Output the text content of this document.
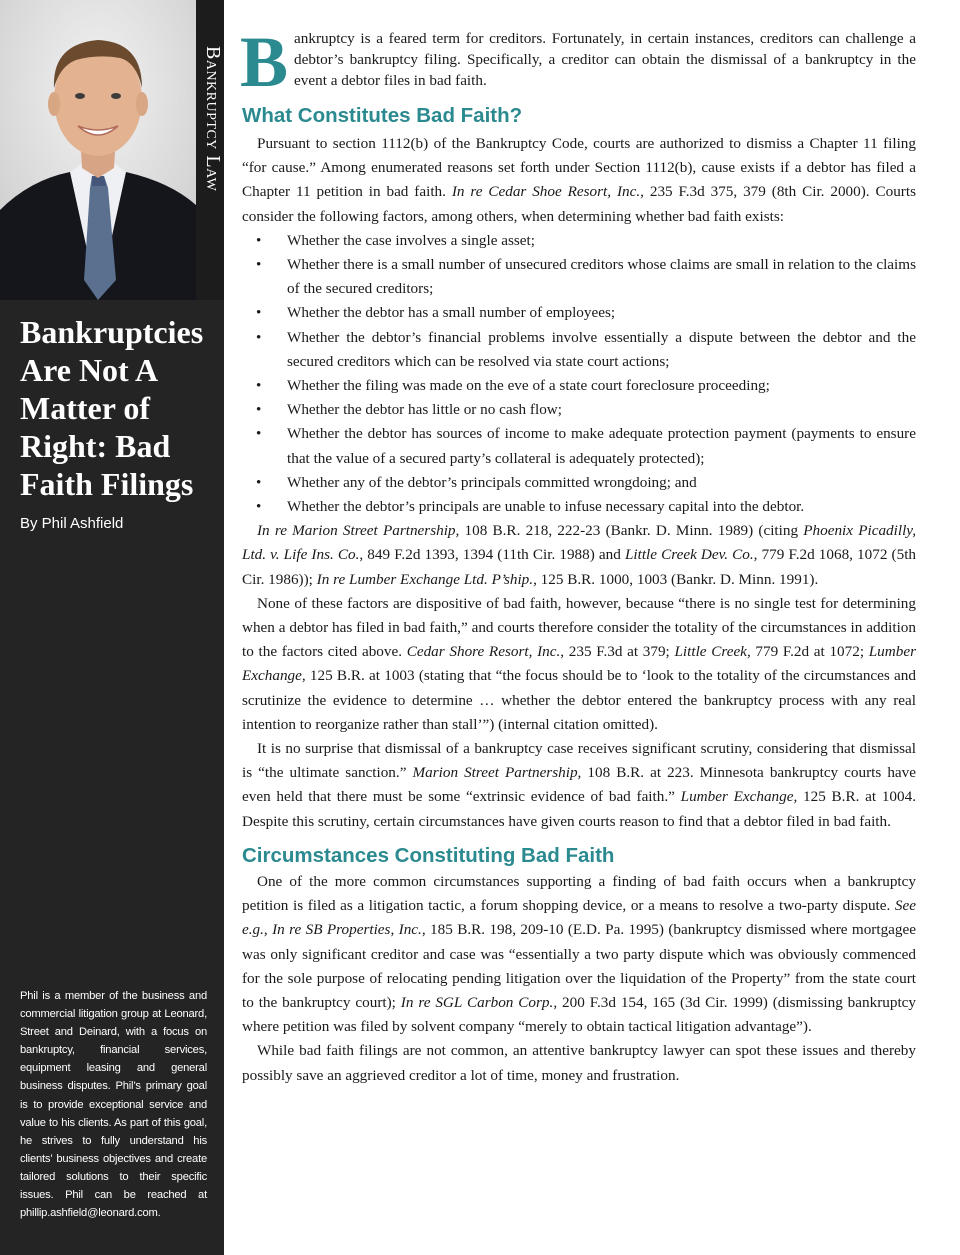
Bankruptcy Law
Bankruptcies Are Not A Matter of Right: Bad Faith Filings

By Phil Ashfield

Phil is a member of the business and commercial litigation group at Leonard, Street and Deinard, with a focus on bankruptcy, financial services, equipment leasing and general business disputes. Phil’s primary goal is to provide exceptional service and value to his clients. As part of this goal, he strives to fully understand his clients’ business objectives and create tailored solutions to their specific issues. Phil can be reached at phillip.ashfield@leonard.com.

B ankruptcy is a feared term for creditors. Fortunately, in certain instances, creditors can challenge a debtor’s bankruptcy filing. Specifically, a creditor can obtain the dismissal of a bankruptcy in the event a debtor files in bad faith.

What Constitutes Bad Faith?

Pursuant to section 1112(b) of the Bankruptcy Code, courts are authorized to dismiss a Chapter 11 filing “for cause.” Among enumerated reasons set forth under Section 1112(b), cause exists if a debtor has filed a Chapter 11 petition in bad faith. In re Cedar Shoe Resort, Inc., 235 F.3d 375, 379 (8th Cir. 2000). Courts consider the following factors, among others, when determining whether bad faith exists:

• Whether the case involves a single asset;
• Whether there is a small number of unsecured creditors whose claims are small in relation to the claims of the secured creditors;
• Whether the debtor has a small number of employees;
• Whether the debtor’s financial problems involve essentially a dispute between the debtor and the secured creditors which can be resolved via state court actions;
• Whether the filing was made on the eve of a state court foreclosure proceeding;
• Whether the debtor has little or no cash flow;
• Whether the debtor has sources of income to make adequate protection payment (payments to ensure that the value of a secured party’s collateral is adequately protected);
• Whether any of the debtor’s principals committed wrongdoing; and
• Whether the debtor’s principals are unable to infuse necessary capital into the debtor.

In re Marion Street Partnership, 108 B.R. 218, 222-23 (Bankr. D. Minn. 1989) (citing Phoenix Picadilly, Ltd. v. Life Ins. Co., 849 F.2d 1393, 1394 (11th Cir. 1988) and Little Creek Dev. Co., 779 F.2d 1068, 1072 (5th Cir. 1986)); In re Lumber Exchange Ltd. P’ship., 125 B.R. 1000, 1003 (Bankr. D. Minn. 1991).

None of these factors are dispositive of bad faith, however, because “there is no single test for determining when a debtor has filed in bad faith,” and courts therefore consider the totality of the circumstances in addition to the factors cited above. Cedar Shore Resort, Inc., 235 F.3d at 379; Little Creek, 779 F.2d at 1072; Lumber Exchange, 125 B.R. at 1003 (stating that “the focus should be to ‘look to the totality of the circumstances and scrutinize the evidence to determine … whether the debtor entered the bankruptcy process with any real intention to reorganize rather than stall’”) (internal citation omitted).

It is no surprise that dismissal of a bankruptcy case receives significant scrutiny, considering that dismissal is “the ultimate sanction.” Marion Street Partnership, 108 B.R. at 223. Minnesota bankruptcy courts have even held that there must be some “extrinsic evidence of bad faith.” Lumber Exchange, 125 B.R. at 1004. Despite this scrutiny, certain circumstances have given courts reason to find that a debtor filed in bad faith.

Circumstances Constituting Bad Faith

One of the more common circumstances supporting a finding of bad faith occurs when a bankruptcy petition is filed as a litigation tactic, a forum shopping device, or a means to resolve a two-party dispute. See e.g., In re SB Properties, Inc., 185 B.R. 198, 209-10 (E.D. Pa. 1995) (bankruptcy dismissed where mortgagee was only significant creditor and case was “essentially a two party dispute which was obviously commenced for the sole purpose of relocating pending litigation over the liquidation of the Property” from the state court to the bankruptcy court); In re SGL Carbon Corp., 200 F.3d 154, 165 (3d Cir. 1999) (dismissing bankruptcy where petition was filed by solvent company “merely to obtain tactical litigation advantage”).

While bad faith filings are not common, an attentive bankruptcy lawyer can spot these issues and thereby possibly save an aggrieved creditor a lot of time, money and frustration.
